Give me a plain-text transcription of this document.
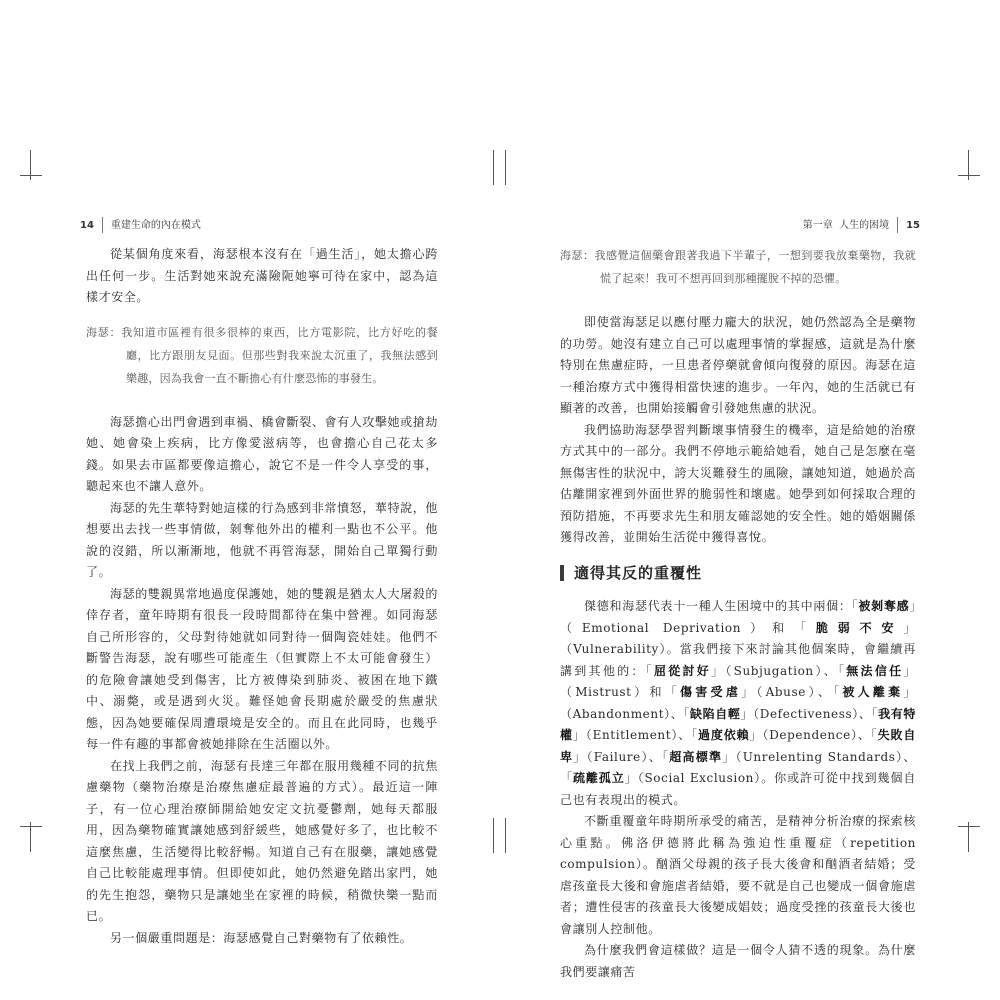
14 重建生命的內在模式	第一章 人生的困境 15

從某個角度來看，海瑟根本沒有在「過生活」，她太擔心跨出任何一步。生活對她來說充滿險阨她寧可待在家中，認為這樣才安全。

海瑟：我知道市區裡有很多很棒的東西，比方電影院，比方好吃的餐廳，比方跟朋友見面。但那些對我來說太沉重了，我無法感到樂趣，因為我會一直不斷擔心有什麼恐怖的事發生。

海瑟擔心出門會遇到車禍、橋會斷裂、會有人攻擊她或搶劫她、她會染上疾病，比方像愛滋病等，也會擔心自己花太多錢。如果去市區都要像這擔心，說它不是一件令人享受的事，聽起來也不讓人意外。

海瑟的先生華特對她這樣的行為感到非常憤怒，華特說，他想要出去找一些事情做，剝奪他外出的權利一點也不公平。他說的沒錯，所以漸漸地，他就不再管海瑟，開始自己單獨行動了。

海瑟的雙親異常地過度保護她，她的雙親是猶太人大屠殺的倖存者，童年時期有很長一段時間都待在集中營裡。如同海瑟自己所形容的，父母對待她就如同對待一個陶瓷娃娃。他們不斷警告海瑟，說有哪些可能產生（但實際上不太可能會發生）的危險會讓她受到傷害，比方被傳染到肺炎、被困在地下鐵中、溺斃，或是遇到火災。難怪她會長期處於嚴受的焦慮狀態，因為她要確保周遭環境是安全的。而且在此同時，也幾乎每一件有趣的事都會被她排除在生活圈以外。

在找上我們之前，海瑟有長達三年都在服用幾種不同的抗焦慮藥物（藥物治療是治療焦慮症最普遍的方式）。最近這一陣子，有一位心理治療師開給她安定文抗憂鬱劑，她每天都服用，因為藥物確實讓她感到舒緩些，她感覺好多了，也比較不這麼焦慮，生活變得比較舒暢。知道自己有在服藥，讓她感覺自己比較能處理事情。但即使如此，她仍然避免踏出家門，她的先生抱怨，藥物只是讓她坐在家裡的時候，稍微快樂一點而已。

另一個嚴重問題是：海瑟感覺自己對藥物有了依賴性。

海瑟：我感覺這個藥會跟著我過下半輩子，一想到要我放棄藥物，我就慌了起來！我可不想再回到那種擺脫不掉的恐懼。

即使當海瑟足以應付壓力龐大的狀況，她仍然認為全是藥物的功勞。她沒有建立自己可以處理事情的掌握感，這就是為什麼特別在焦慮症時，一旦患者停藥就會傾向復發的原因。海瑟在這一種治療方式中獲得相當快速的進步。一年內，她的生活就已有顯著的改善，也開始接觸會引發她焦慮的狀況。

我們協助海瑟學習判斷壞事情發生的機率，這是給她的治療方式其中的一部分。我們不停地示範給她看，她自己是怎麼在毫無傷害性的狀況中，誇大災難發生的風險，讓她知道，她過於高估離開家裡到外面世界的脆弱性和壞處。她學到如何採取合理的預防措施，不再要求先生和朋友確認她的安全性。她的婚姻關係獲得改善，並開始生活從中獲得喜悅。

適得其反的重覆性

傑德和海瑟代表十一種人生困境中的其中兩個：「被剝奪感」（Emotional Deprivation）和「脆弱不安」（Vulnerability）。當我們接下來討論其他個案時，會繼續再講到其他的：「屈從討好」（Subjugation）、「無法信任」（Mistrust）和「傷害受虐」（Abuse）、「被人離棄」（Abandonment）、「缺陷自輕」（Defectiveness）、「我有特權」（Entitlement）、「過度依賴」（Dependence）、「失敗自卑」（Failure）、「超高標準」（Unrelenting Standards）、「疏離孤立」（Social Exclusion）。你或許可從中找到幾個自己也有表現出的模式。

不斷重覆童年時期所承受的痛苦，是精神分析治療的探索核心重點。佛洛伊德將此稱為強迫性重覆症（repetition compulsion）。酗酒父母親的孩子長大後會和酗酒者結婚；受虐孩童長大後和會施虐者結婚，要不就是自己也變成一個會施虐者；遭性侵害的孩童長大後變成娼妓；過度受挫的孩童長大後也會讓別人控制他。

為什麼我們會這樣做？這是一個令人猜不透的現象。為什麼我們要讓痛苦
